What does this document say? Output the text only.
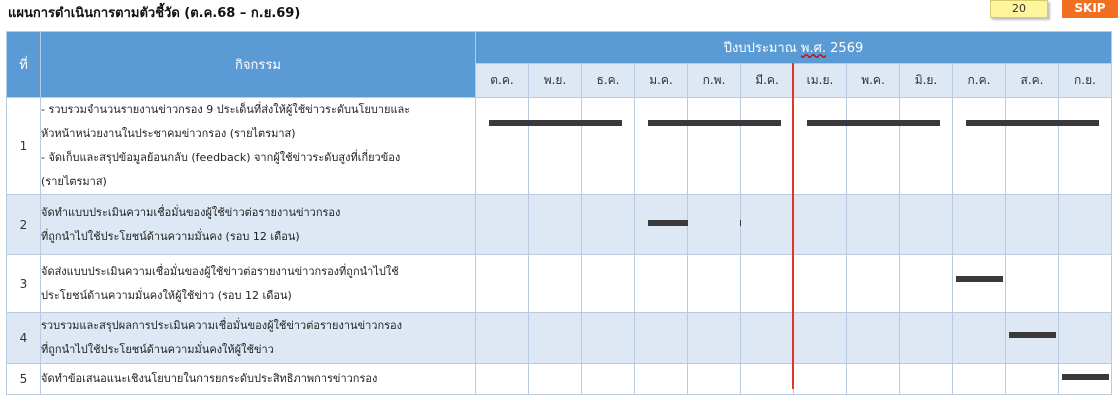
แผนการดำเนินการตามตัวชี้วัด (ต.ค.68 – ก.ย.69)	20	SKIP
ที่	กิจกรรม	ปีงบประมาณ พ.ศ. 2569											
		ต.ค.	พ.ย.	ธ.ค.	ม.ค.	ก.พ.	มี.ค.	เม.ย.	พ.ค.	มิ.ย.	ก.ค.	ส.ค.	ก.ย.
1	- รวบรวมจำนวนรายงานข่าวกรอง 9 ประเด็นที่ส่งให้ผู้ใช้ข่าวระดับนโยบายและ
หัวหน้าหน่วยงานในประชาคมข่าวกรอง (รายไตรมาส)
- จัดเก็บและสรุปข้อมูลย้อนกลับ (feedback) จากผู้ใช้ข่าวระดับสูงที่เกี่ยวข้อง
(รายไตรมาส)												

2	จัดทำแบบประเมินความเชื่อมั่นของผู้ใช้ข่าวต่อรายงานข่าวกรอง
ที่ถูกนำไปใช้ประโยชน์ด้านความมั่นคง (รอบ 12 เดือน)												

3	จัดส่งแบบประเมินความเชื่อมั่นของผู้ใช้ข่าวต่อรายงานข่าวกรองที่ถูกนำไปใช้
ประโยชน์ด้านความมั่นคงให้ผู้ใช้ข่าว (รอบ 12 เดือน)												

4	รวบรวมและสรุปผลการประเมินความเชื่อมั่นของผู้ใช้ข่าวต่อรายงานข่าวกรอง
ที่ถูกนำไปใช้ประโยชน์ด้านความมั่นคงให้ผู้ใช้ข่าว												

5	จัดทำข้อเสนอแนะเชิงนโยบายในการยกระดับประสิทธิภาพการข่าวกรอง												
